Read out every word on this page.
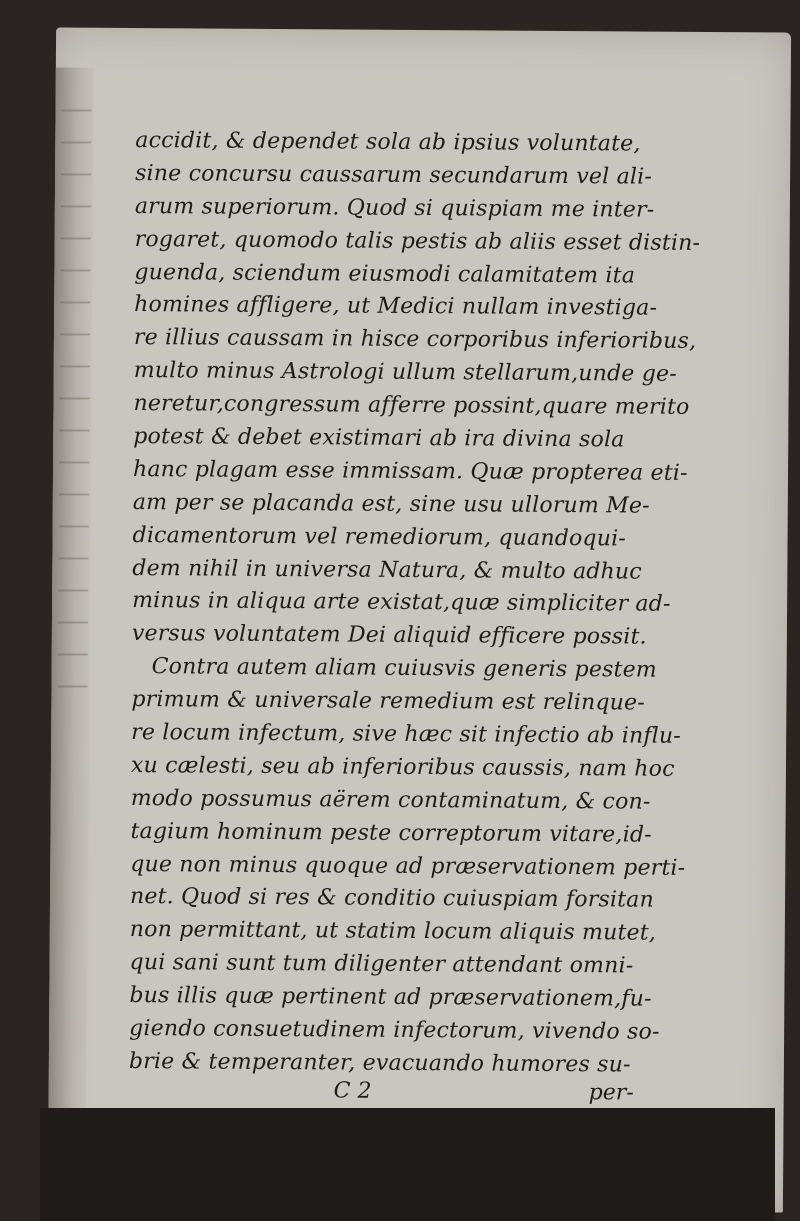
accidit, & dependet sola ab ipsius voluntate,
sine concursu caussarum secundarum vel ali-
arum superiorum. Quod si quispiam me inter-
rogaret, quomodo talis pestis ab aliis esset distin-
guenda, sciendum eiusmodi calamitatem ita
homines affligere, ut Medici nullam investiga-
re illius caussam in hisce corporibus inferioribus,
multo minus Astrologi ullum stellarum,unde ge-
neretur,congressum afferre possint,quare merito
potest & debet existimari ab ira divina sola
hanc plagam esse immissam. Quæ propterea eti-
am per se placanda est, sine usu ullorum Me-
dicamentorum vel remediorum, quandoqui-
dem nihil in universa Natura, & multo adhuc
minus in aliqua arte existat,quæ simpliciter ad-
versus voluntatem Dei aliquid efficere possit.
Contra autem aliam cuiusvis generis pestem
primum & universale remedium est relinque-
re locum infectum, sive hæc sit infectio ab influ-
xu cælesti, seu ab inferioribus caussis, nam hoc
modo possumus aërem contaminatum, & con-
tagium hominum peste correptorum vitare,id-
que non minus quoque ad præservationem perti-
net. Quod si res & conditio cuiuspiam forsitan
non permittant, ut statim locum aliquis mutet,
qui sani sunt tum diligenter attendant omni-
bus illis quæ pertinent ad præservationem,fu-
giendo consuetudinem infectorum, vivendo so-
brie & temperanter, evacuando humores su-
C 2	per-
